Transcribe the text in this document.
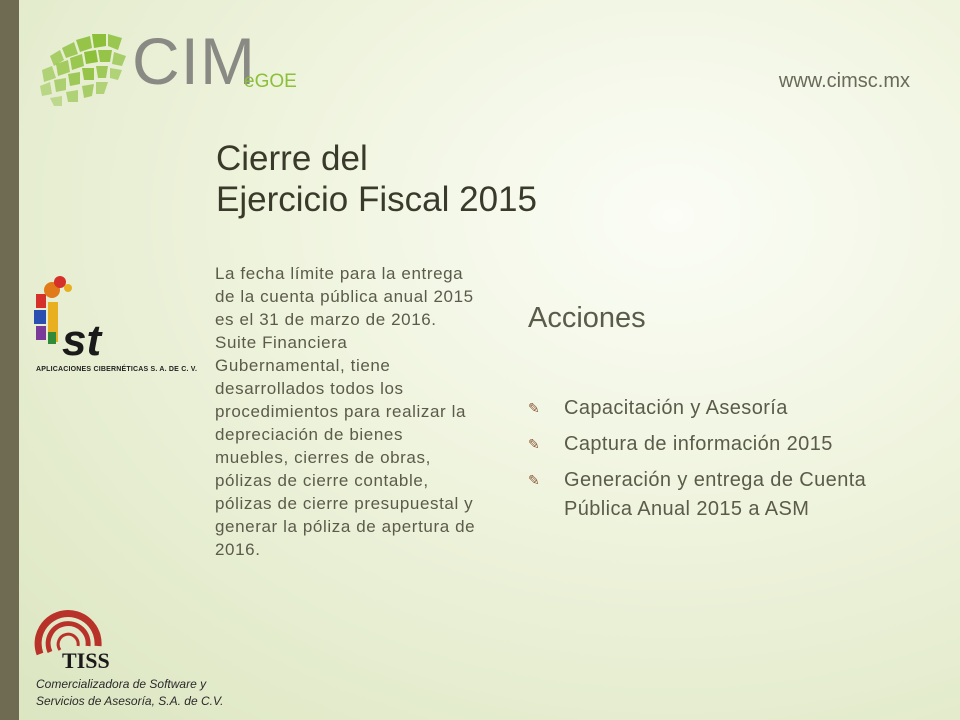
CIM
eGOE	www.cimsc.mx
Cierre del
Ejercicio Fiscal 2015
La fecha límite para la entrega de la cuenta pública anual 2015 es el 31 de marzo de 2016. Suite Financiera Gubernamental, tiene desarrollados todos los procedimientos para realizar la depreciación de bienes muebles, cierres de obras, pólizas de cierre contable, pólizas de cierre presupuestal y generar la póliza de apertura de 2016.
Acciones
✎ Capacitación y Asesoría
✎ Captura de información 2015
✎ Generación y entrega de Cuenta Pública Anual 2015 a ASM
st
APLICACIONES CIBERNÉTICAS S. A. DE C. V.
TISS
Comercializadora de Software y
Servicios de Asesoría, S.A. de C.V.
